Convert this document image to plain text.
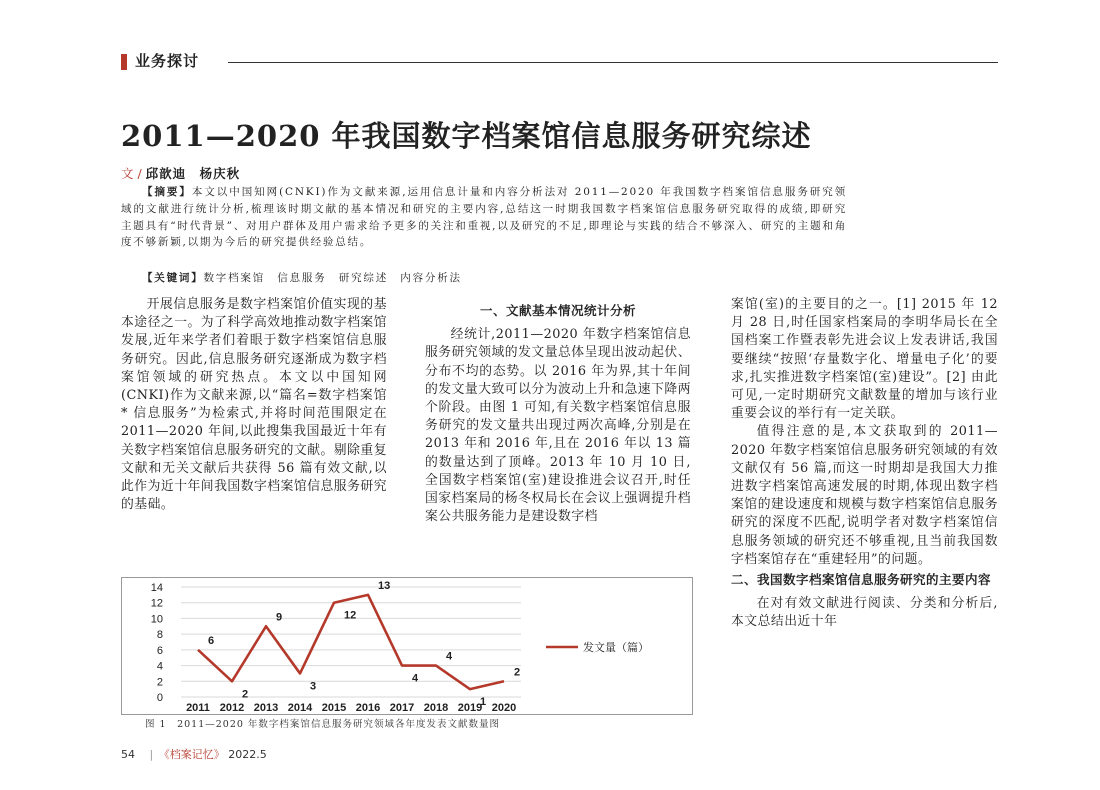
业务探讨
2011—2020 年我国数字档案馆信息服务研究综述
文 / 邱歆迪　杨庆秋
【摘要】本文以中国知网(CNKI)作为文献来源,运用信息计量和内容分析法对 2011—2020 年我国数字档案馆信息服务研究领域的文献进行统计分析,梳理该时期文献的基本情况和研究的主要内容,总结这一时期我国数字档案馆信息服务研究取得的成绩,即研究主题具有“时代背景”、对用户群体及用户需求给予更多的关注和重视,以及研究的不足,即理论与实践的结合不够深入、研究的主题和角度不够新颖,以期为今后的研究提供经验总结。
【关键词】数字档案馆　信息服务　研究综述　内容分析法

开展信息服务是数字档案馆价值实现的基本途径之一。为了科学高效地推动数字档案馆发展,近年来学者们着眼于数字档案馆信息服务研究。因此,信息服务研究逐渐成为数字档案馆领域的研究热点。本文以中国知网(CNKI)作为文献来源,以“篇名=数字档案馆 * 信息服务”为检索式,并将时间范围限定在 2011—2020 年间,以此搜集我国最近十年有关数字档案馆信息服务研究的文献。剔除重复文献和无关文献后共获得 56 篇有效文献,以此作为近十年间我国数字档案馆信息服务研究的基础。

一、文献基本情况统计分析

经统计,2011—2020 年数字档案馆信息服务研究领域的发文量总体呈现出波动起伏、分布不均的态势。以 2016 年为界,其十年间的发文量大致可以分为波动上升和急速下降两个阶段。由图 1 可知,有关数字档案馆信息服务研究的发文量共出现过两次高峰,分别是在 2013 年和 2016 年,且在 2016 年以 13 篇的数量达到了顶峰。2013 年 10 月 10 日,全国数字档案馆(室)建设推进会议召开,时任国家档案局的杨冬权局长在会议上强调提升档案公共服务能力是建设数字档

案馆(室)的主要目的之一。[1] 2015 年 12 月 28 日,时任国家档案局的李明华局长在全国档案工作暨表彰先进会议上发表讲话,我国要继续“按照‘存量数字化、增量电子化’的要求,扎实推进数字档案馆(室)建设”。[2] 由此可见,一定时期研究文献数量的增加与该行业重要会议的举行有一定关联。

值得注意的是,本文获取到的 2011—2020 年数字档案馆信息服务研究领域的有效文献仅有 56 篇,而这一时期却是我国大力推进数字档案馆高速发展的时期,体现出数字档案馆的建设速度和规模与数字档案馆信息服务研究的深度不匹配,说明学者对数字档案馆信息服务领域的研究还不够重视,且当前我国数字档案馆存在“重建轻用”的问题。

二、我国数字档案馆信息服务研究的主要内容

在对有效文献进行阅读、分类和分析后,本文总结出近十年

0
2
4
6
8
10
12
14
2011 2012 2013 2014 2015 2016 2017 2018 2019 2020
6
2
9
3
12
13
4
4
1
2
发文量（篇）
图 1　2011—2020 年数字档案馆信息服务研究领域各年度发表文献数量图
54 　|　《档案记忆》 2022.5
